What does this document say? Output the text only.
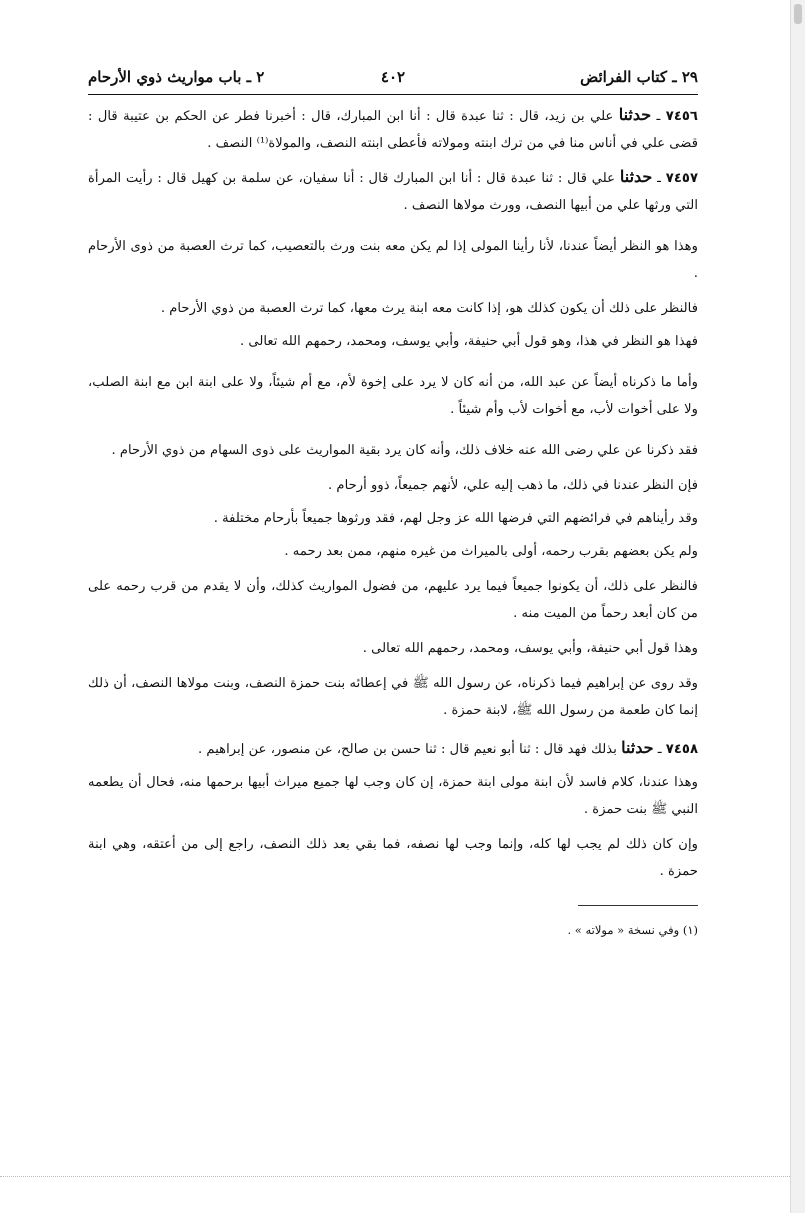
٢٩ ـ كتاب الفرائض
٤٠٢
٢ ـ باب مواريث ذوي الأرحام

٧٤٥٦ ـ حدثنا علي بن زيد، قال : ثنا عبدة قال : أنا ابن المبارك، قال : أخبرنا فطر عن الحكم بن عتيبة قال : قضى علي في أناس منا في من ترك ابنته ومولاته فأعطى ابنته النصف، والمولاة⁽¹⁾ النصف .

٧٤٥٧ ـ حدثنا علي قال : ثنا عبدة قال : أنا ابن المبارك قال : أنا سفيان، عن سلمة بن كهيل قال : رأيت المرأة التي ورثها علي من أبيها النصف، وورث مولاها النصف .

وهذا هو النظر أيضاً عندنا، لأنا رأينا المولى إذا لم يكن معه بنت ورث بالتعصيب، كما ترث العصبة من ذوى الأرحام .

فالنظر على ذلك أن يكون كذلك هو، إذا كانت معه ابنة يرث معها، كما ترث العصبة من ذوي الأرحام .

فهذا هو النظر في هذا، وهو قول أبي حنيفة، وأبي يوسف، ومحمد، رحمهم الله تعالى .

وأما ما ذكرناه أيضاً عن عبد الله، من أنه كان لا يرد على إخوة لأم، مع أم شيئاً، ولا على ابنة ابن مع ابنة الصلب، ولا على أخوات لأب، مع أخوات لأب وأم شيئاً .

فقد ذكرنا عن علي رضى الله عنه خلاف ذلك، وأنه كان يرد بقية المواريث على ذوى السهام من ذوي الأرحام .

فإن النظر عندنا في ذلك، ما ذهب إليه علي، لأنهم جميعاً، ذوو أرحام .

وقد رأيناهم في فرائضهم التي فرضها الله عز وجل لهم، فقد ورثوها جميعاً بأرحام مختلفة .

ولم يكن بعضهم بقرب رحمه، أولى بالميراث من غيره منهم، ممن بعد رحمه .

فالنظر على ذلك، أن يكونوا جميعاً فيما يرد عليهم، من فضول المواريث كذلك، وأن لا يقدم من قرب رحمه على من كان أبعد رحماً من الميت منه .

وهذا قول أبي حنيفة، وأبي يوسف، ومحمد، رحمهم الله تعالى .

وقد روى عن إبراهيم فيما ذكرناه، عن رسول الله ﷺ في إعطائه بنت حمزة النصف، وبنت مولاها النصف، أن ذلك إنما كان طعمة من رسول الله ﷺ، لابنة حمزة .

٧٤٥٨ ـ حدثنا بذلك فهد قال : ثنا أبو نعيم قال : ثنا حسن بن صالح، عن منصور، عن إبراهيم .

وهذا عندنا، كلام فاسد لأن ابنة مولى ابنة حمزة، إن كان وجب لها جميع ميراث أبيها برحمها منه، فحال أن يطعمه النبي ﷺ بنت حمزة .

وإن كان ذلك لم يجب لها كله، وإنما وجب لها نصفه، فما بقي بعد ذلك النصف، راجع إلى من أعتقه، وهي ابنة حمزة .

(١) وفي نسخة « مولاته » .
